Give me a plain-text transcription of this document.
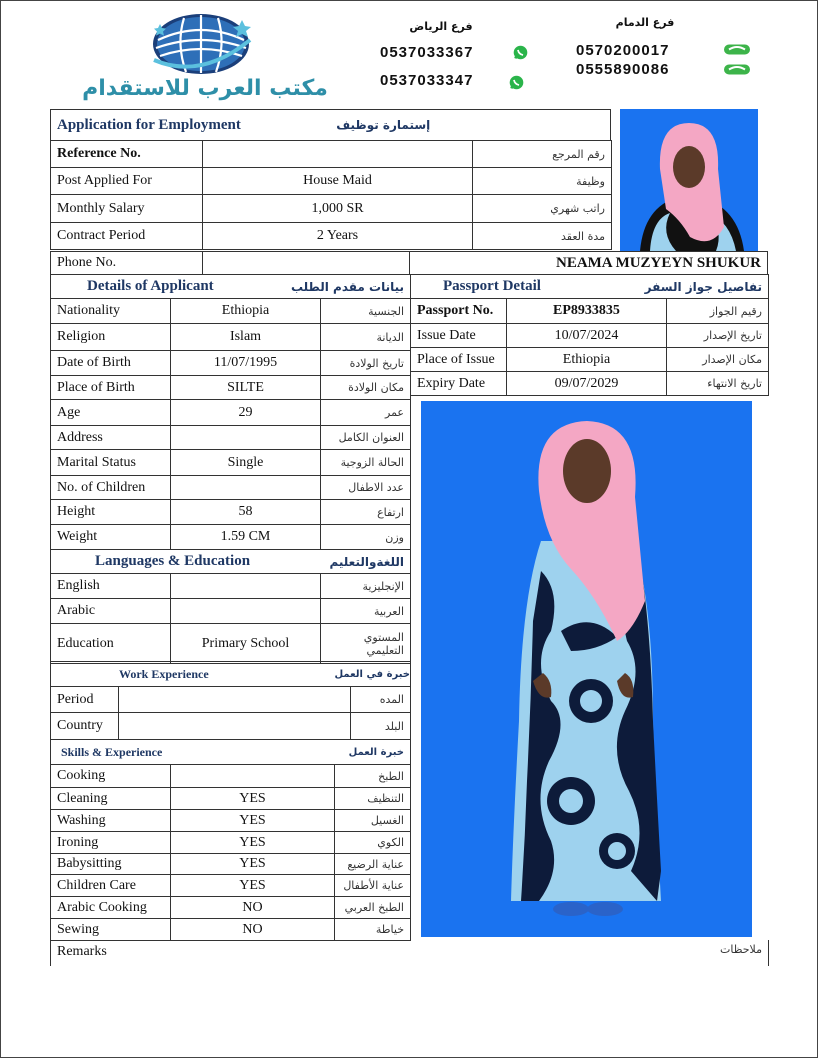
مكتب العرب للاستقدام
فرع الرياض
0537033367
0537033347
فرع الدمام
0570200017
0555890086
Application for Employment	إستمارة توظيف
Reference No.		رقم المرجع
Post Applied For	House Maid	وظيفة
Monthly Salary	1,000 SR	راتب شهري
Contract Period	2 Years	مدة العقد
Phone No.		NEAMA MUZYEYN SHUKUR
Details of Applicant		بيانات مقدم الطلب
Nationality	Ethiopia	الجنسية
Religion	Islam	الديانة
Date of Birth	11/07/1995	تاريخ الولادة
Place of Birth	SILTE	مكان الولادة
Age	29	عمر
Address		العنوان الكامل
Marital Status	Single	الحالة الزوجية
No. of Children		عدد الاطفال
Height	58	ارتفاع
Weight	1.59 CM	وزن
Languages & Education		اللغةوالتعليم
English		الإنجليزية
Arabic		العربية
Education	Primary School	المستوي التعليمي
Work Experience		خبرة في العمل
Period		المده
Country		البلد
Skills & Experience		خبرة العمل
Cooking		الطبخ
Cleaning	YES	التنظيف
Washing	YES	الغسيل
Ironing	YES	الكوي
Babysitting	YES	عناية الرضيع
Children Care	YES	عناية الأطفال
Arabic Cooking	NO	الطبخ العربي
Sewing	NO	خياطة
Passport Detail		تفاصيل جواز السفر
Passport No.	EP8933835	رقيم الجواز
Issue Date	10/07/2024	تاريخ الإصدار
Place of Issue	Ethiopia	مكان الإصدار
Expiry Date	09/07/2029	تاريخ الانتهاء
Remarks	ملاحظات
